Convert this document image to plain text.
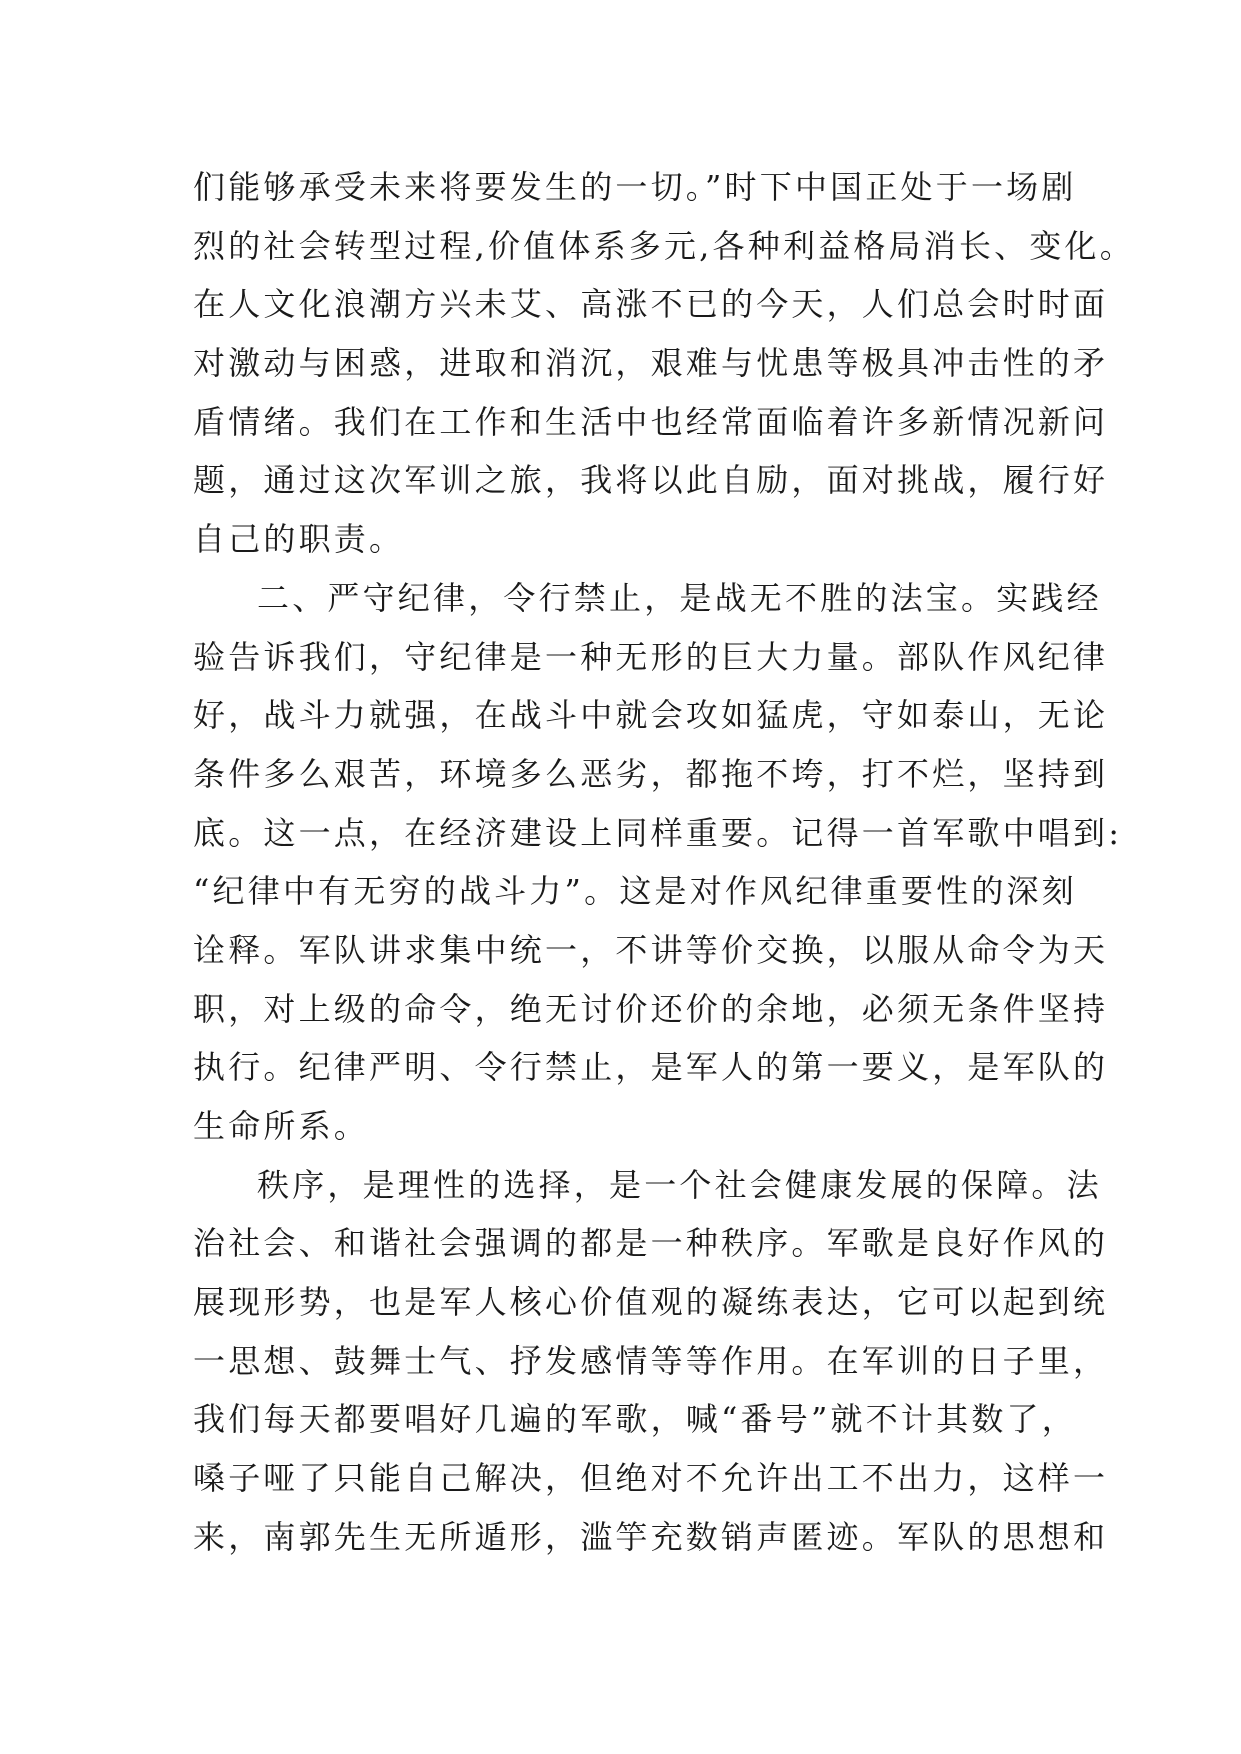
们能够承受未来将要发生的一切。”时下中国正处于一场剧
烈的社会转型过程,价值体系多元,各种利益格局消长、变化。
在人文化浪潮方兴未艾、高涨不已的今天，人们总会时时面
对激动与困惑，进取和消沉，艰难与忧患等极具冲击性的矛
盾情绪。我们在工作和生活中也经常面临着许多新情况新问
题，通过这次军训之旅，我将以此自励，面对挑战，履行好
自己的职责。
二、严守纪律，令行禁止，是战无不胜的法宝。实践经
验告诉我们，守纪律是一种无形的巨大力量。部队作风纪律
好，战斗力就强，在战斗中就会攻如猛虎，守如泰山，无论
条件多么艰苦，环境多么恶劣，都拖不垮，打不烂，坚持到
底。这一点，在经济建设上同样重要。记得一首军歌中唱到:
“纪律中有无穷的战斗力”。这是对作风纪律重要性的深刻
诠释。军队讲求集中统一，不讲等价交换，以服从命令为天
职，对上级的命令，绝无讨价还价的余地，必须无条件坚持
执行。纪律严明、令行禁止，是军人的第一要义，是军队的
生命所系。
秩序，是理性的选择，是一个社会健康发展的保障。法
治社会、和谐社会强调的都是一种秩序。军歌是良好作风的
展现形势，也是军人核心价值观的凝练表达，它可以起到统
一思想、鼓舞士气、抒发感情等等作用。在军训的日子里，
我们每天都要唱好几遍的军歌，喊“番号”就不计其数了，
嗓子哑了只能自己解决，但绝对不允许出工不出力，这样一
来，南郭先生无所遁形，滥竽充数销声匿迹。军队的思想和
